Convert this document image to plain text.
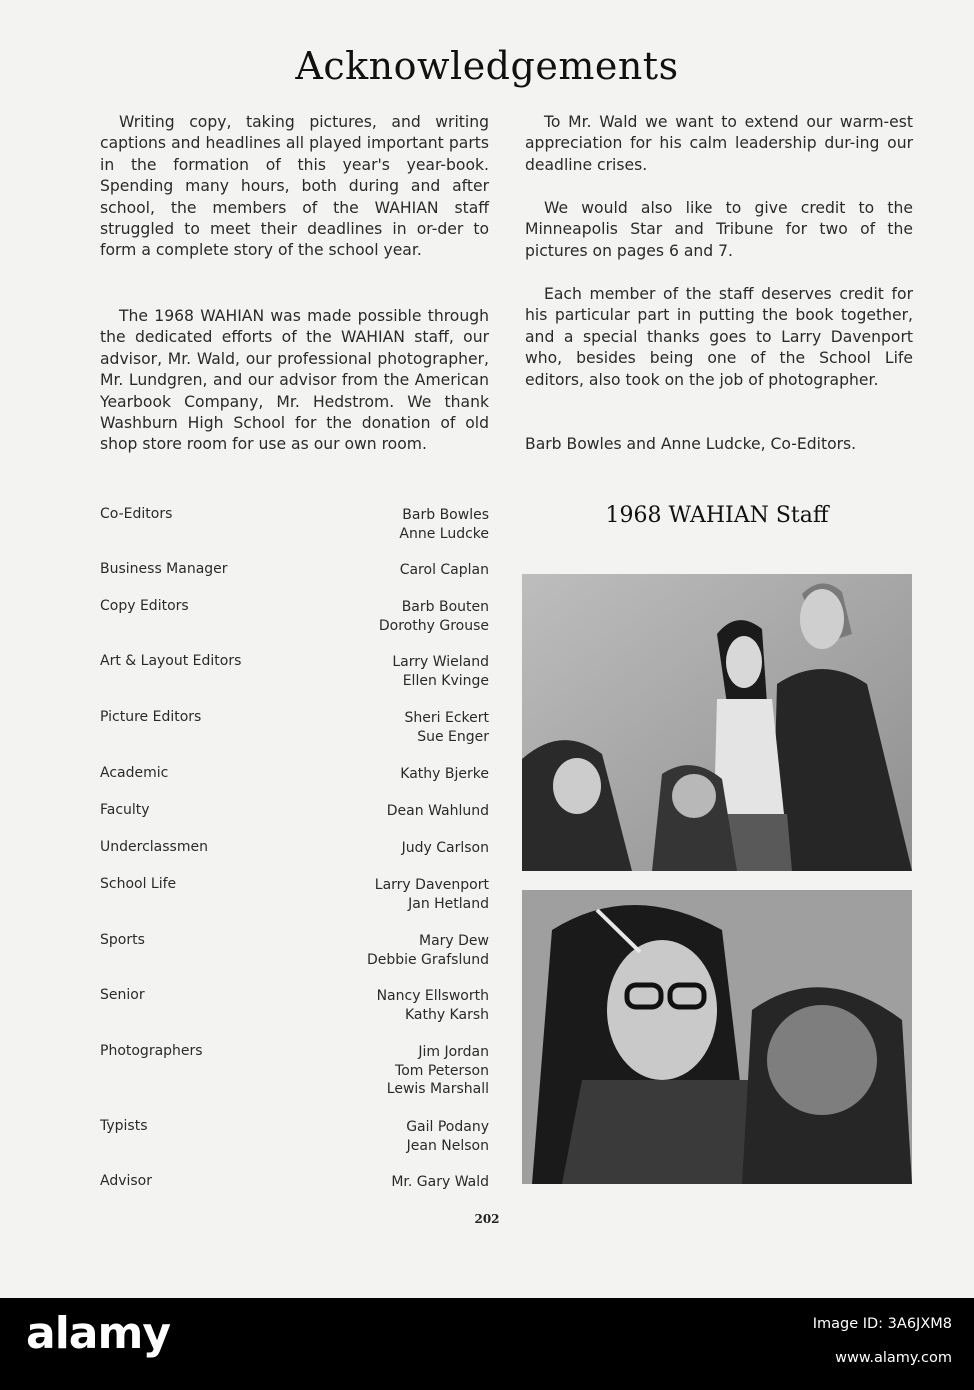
Acknowledgements

Writing copy, taking pictures, and writing captions and headlines all played important parts in the formation of this year's year-book. Spending many hours, both during and after school, the members of the WAHIAN staff struggled to meet their deadlines in or-der to form a complete story of the school year.

The 1968 WAHIAN was made possible through the dedicated efforts of the WAHIAN staff, our advisor, Mr. Wald, our professional photographer, Mr. Lundgren, and our advisor from the American Yearbook Company, Mr. Hedstrom. We thank Washburn High School for the donation of old shop store room for use as our own room.

To Mr. Wald we want to extend our warm-est appreciation for his calm leadership dur-ing our deadline crises.

We would also like to give credit to the Minneapolis Star and Tribune for two of the pictures on pages 6 and 7.

Each member of the staff deserves credit for his particular part in putting the book together, and a special thanks goes to Larry Davenport who, besides being one of the School Life editors, also took on the job of photographer.

Barb Bowles and Anne Ludcke, Co-Editors.

Co-Editors	Barb Bowles
Anne Ludcke
Business Manager	Carol Caplan
Copy Editors	Barb Bouten
Dorothy Grouse
Art & Layout Editors	Larry Wieland
Ellen Kvinge
Picture Editors	Sheri Eckert
Sue Enger
Academic	Kathy Bjerke
Faculty	Dean Wahlund
Underclassmen	Judy Carlson
School Life	Larry Davenport
Jan Hetland
Sports	Mary Dew
Debbie Grafslund
Senior	Nancy Ellsworth
Kathy Karsh
Photographers	Jim Jordan
Tom Peterson
Lewis Marshall
Typists	Gail Podany
Jean Nelson
Advisor	Mr. Gary Wald
1968 WAHIAN Staff
202
alamy	Image ID: 3A6JXM8
www.alamy.com
